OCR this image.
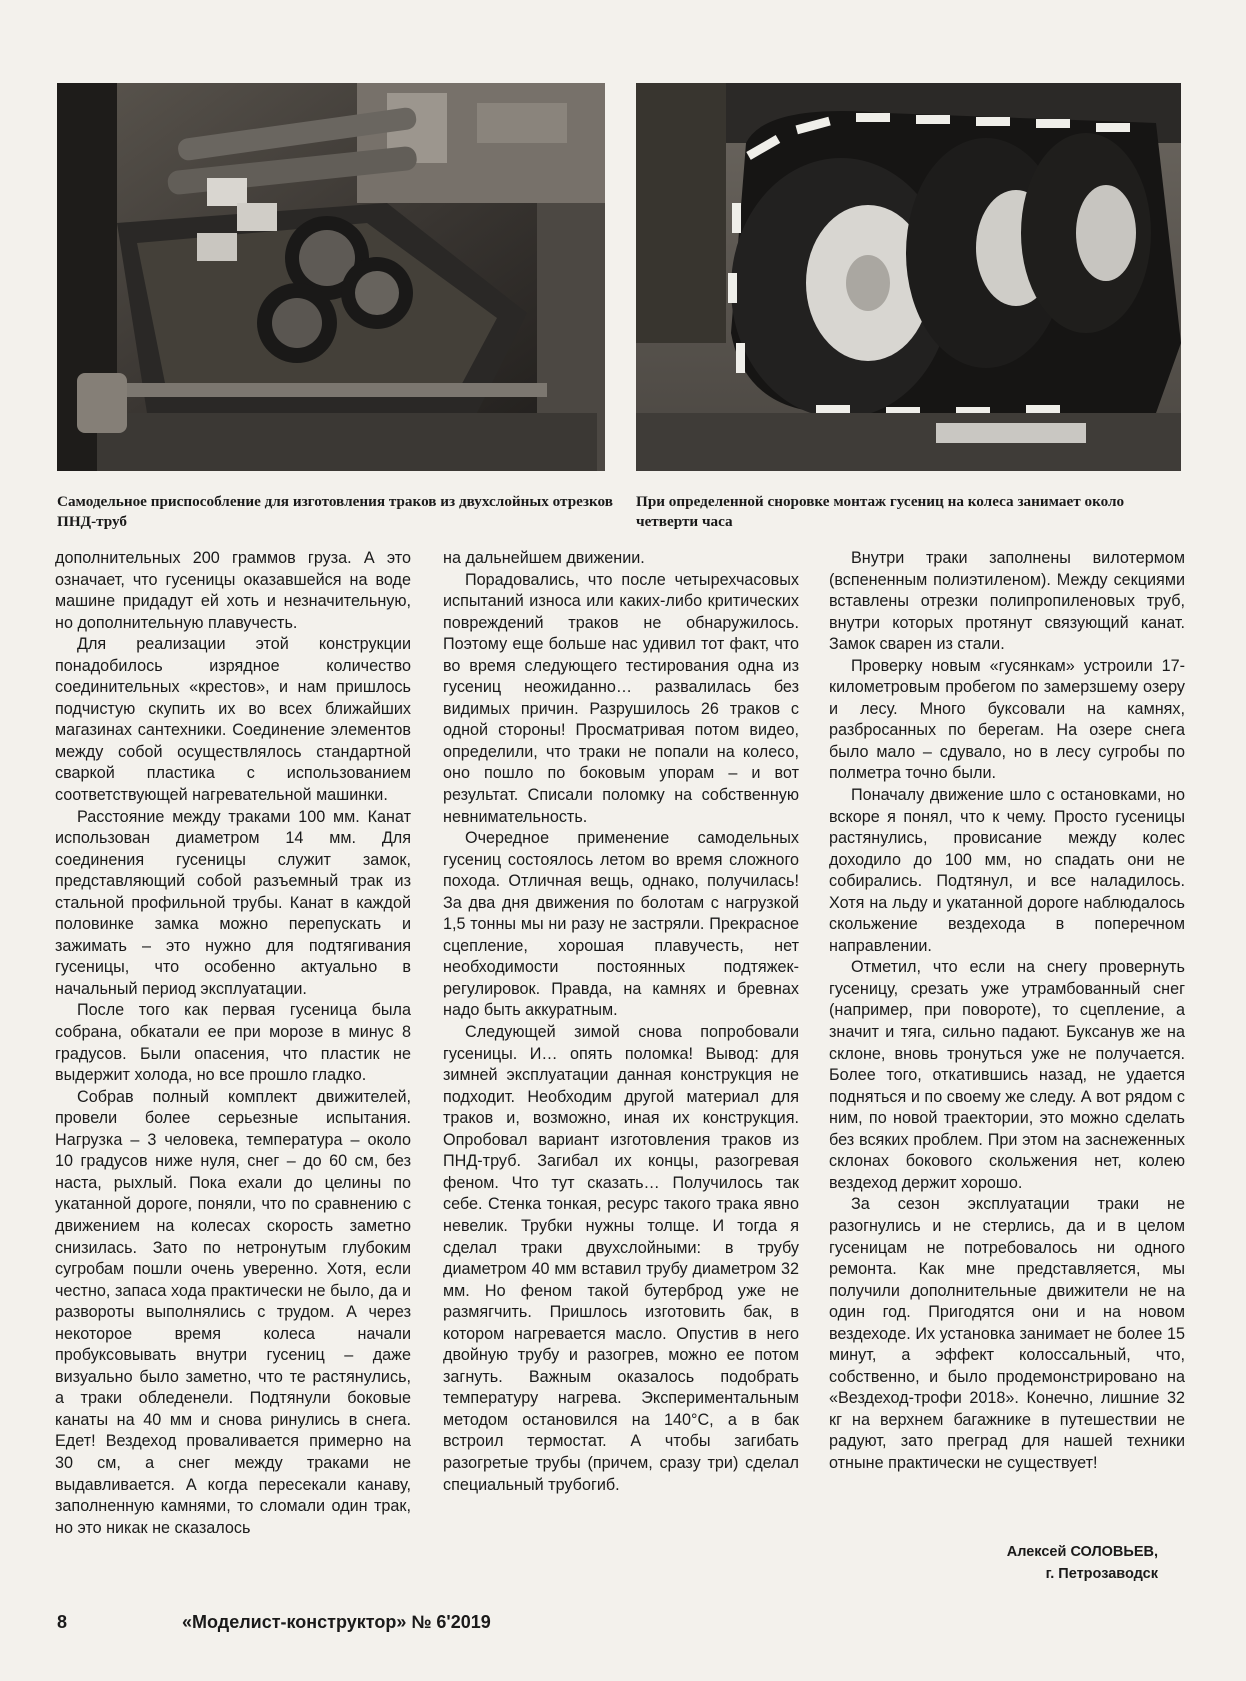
Самодельное приспособление для изготовления траков из двухслойных отрезков ПНД-труб
При определенной сноровке монтаж гусениц на колеса занимает около четверти часа

дополнительных 200 граммов груза. А это означает, что гусеницы оказавшейся на воде машине придадут ей хоть и незначительную, но дополнительную плавучесть.

Для реализации этой конструкции понадобилось изрядное количество соединительных «крестов», и нам пришлось подчистую скупить их во всех ближайших магазинах сантехники. Соединение элементов между собой осуществлялось стандартной сваркой пластика с использованием соответствующей нагревательной машинки.

Расстояние между траками 100 мм. Канат использован диаметром 14 мм. Для соединения гусеницы служит замок, представляющий собой разъемный трак из стальной профильной трубы. Канат в каждой половинке замка можно перепускать и зажимать – это нужно для подтягивания гусеницы, что особенно актуально в начальный период эксплуатации.

После того как первая гусеница была собрана, обкатали ее при морозе в минус 8 градусов. Были опасения, что пластик не выдержит холода, но все прошло гладко.

Собрав полный комплект движителей, провели более серьезные испытания. Нагрузка – 3 человека, температура – около 10 градусов ниже нуля, снег – до 60 см, без наста, рыхлый. Пока ехали до целины по укатанной дороге, поняли, что по сравнению с движением на колесах скорость заметно снизилась. Зато по нетронутым глубоким сугробам пошли очень уверенно. Хотя, если честно, запаса хода практически не было, да и развороты выполнялись с трудом. А через некоторое время колеса начали пробуксовывать внутри гусениц – даже визуально было заметно, что те растянулись, а траки обледенели. Подтянули боковые канаты на 40 мм и снова ринулись в снега. Едет! Вездеход проваливается примерно на 30 см, а снег между траками не выдавливается. А когда пересекали канаву, заполненную камнями, то сломали один трак, но это никак не сказалось

на дальнейшем движении.

Порадовались, что после четырехчасовых испытаний износа или каких-либо критических повреждений траков не обнаружилось. Поэтому еще больше нас удивил тот факт, что во время следующего тестирования одна из гусениц неожиданно… развалилась без видимых причин. Разрушилось 26 траков с одной стороны! Просматривая потом видео, определили, что траки не попали на колесо, оно пошло по боковым упорам – и вот результат. Списали поломку на собственную невнимательность.

Очередное применение самодельных гусениц состоялось летом во время сложного похода. Отличная вещь, однако, получилась! За два дня движения по болотам с нагрузкой 1,5 тонны мы ни разу не застряли. Прекрасное сцепление, хорошая плавучесть, нет необходимости постоянных подтяжек-регулировок. Правда, на камнях и бревнах надо быть аккуратным.

Следующей зимой снова попробовали гусеницы. И… опять поломка! Вывод: для зимней эксплуатации данная конструкция не подходит. Необходим другой материал для траков и, возможно, иная их конструкция. Опробовал вариант изготовления траков из ПНД-труб. Загибал их концы, разогревая феном. Что тут сказать… Получилось так себе. Стенка тонкая, ресурс такого трака явно невелик. Трубки нужны толще. И тогда я сделал траки двухслойными: в трубу диаметром 40 мм вставил трубу диаметром 32 мм. Но феном такой бутерброд уже не размягчить. Пришлось изготовить бак, в котором нагревается масло. Опустив в него двойную трубу и разогрев, можно ее потом загнуть. Важным оказалось подобрать температуру нагрева. Экспериментальным методом остановился на 140°С, а в бак встроил термостат. А чтобы загибать разогретые трубы (причем, сразу три) сделал специальный трубогиб.

Внутри траки заполнены вилотермом (вспененным полиэтиленом). Между секциями вставлены отрезки полипропиленовых труб, внутри которых протянут связующий канат. Замок сварен из стали.

Проверку новым «гусянкам» устроили 17-километровым пробегом по замерзшему озеру и лесу. Много буксовали на камнях, разбросанных по берегам. На озере снега было мало – сдувало, но в лесу сугробы по полметра точно были.

Поначалу движение шло с остановками, но вскоре я понял, что к чему. Просто гусеницы растянулись, провисание между колес доходило до 100 мм, но спадать они не собирались. Подтянул, и все наладилось. Хотя на льду и укатанной дороге наблюдалось скольжение вездехода в поперечном направлении.

Отметил, что если на снегу провернуть гусеницу, срезать уже утрамбованный снег (например, при повороте), то сцепление, а значит и тяга, сильно падают. Буксанув же на склоне, вновь тронуться уже не получается. Более того, откатившись назад, не удается подняться и по своему же следу. А вот рядом с ним, по новой траектории, это можно сделать без всяких проблем. При этом на заснеженных склонах бокового скольжения нет, колею вездеход держит хорошо.

За сезон эксплуатации траки не разогнулись и не стерлись, да и в целом гусеницам не потребовалось ни одного ремонта. Как мне представляется, мы получили дополнительные движители не на один год. Пригодятся они и на новом вездеходе. Их установка занимает не более 15 минут, а эффект колоссальный, что, собственно, и было продемонстрировано на «Вездеход-трофи 2018». Конечно, лишние 32 кг на верхнем багажнике в путешествии не радуют, зато преград для нашей техники отныне практически не существует!

Алексей СОЛОВЬЕВ,
г. Петрозаводск
8	«Моделист-конструктор» № 6'2019
